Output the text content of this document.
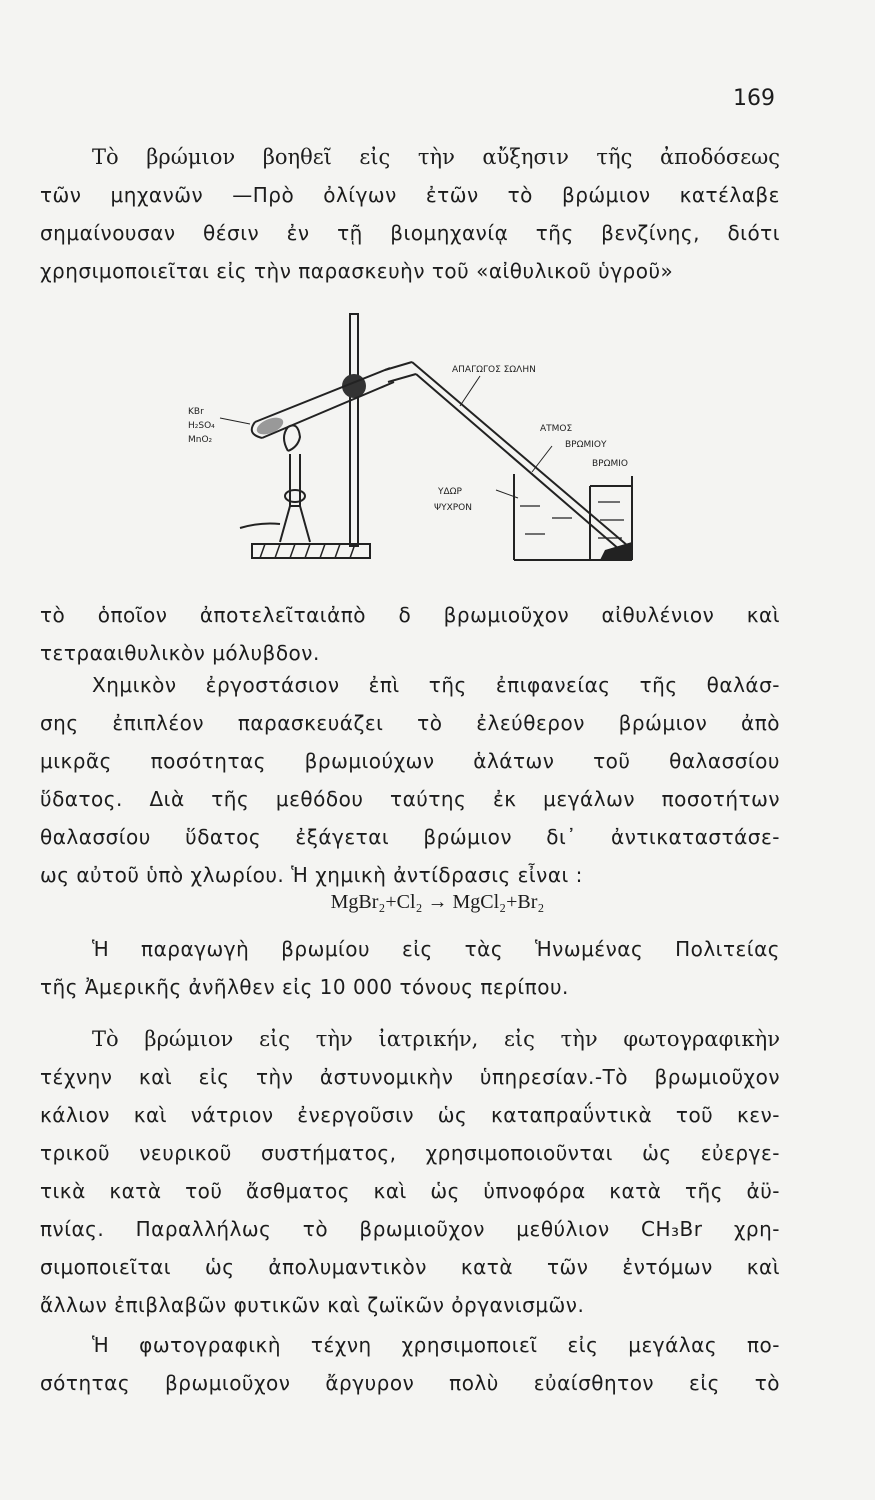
169
Τὸ βρώμιον βοηθεῖ εἰς τὴν αὔξησιν τῆς ἀποδόσεως
τῶν μηχανῶν —Πρὸ ὀλίγων ἐτῶν τὸ βρώμιον κατέλαβε
σημαίνουσαν θέσιν ἐν τῇ βιομηχανίᾳ τῆς βενζίνης, διότι
χρησιμοποιεῖται εἰς τὴν παρασκευὴν τοῦ «αἰθυλικοῦ ὑγροῦ»
KBr
H₂SO₄
MnO₂
ΑΠΑΓΩΓΟΣ ΣΩΛΗΝ
ΑΤΜΟΣ
ΒΡΩΜΙΟΥ
ΒΡΩΜΙΟ
ΥΔΩΡ
ΨΥΧΡΟΝ
τὸ ὁποῖον ἀποτελεῖταιἀπὸ δ βρωμιοῦχον αἰθυλένιον καὶ
τετρααιθυλικὸν μόλυβδον.
Χημικὸν ἐργοστάσιον ἐπὶ τῆς ἐπιφανείας τῆς θαλάσ-
σης ἐπιπλέον παρασκευάζει τὸ ἐλεύθερον βρώμιον ἀπὸ
μικρᾶς ποσότητας βρωμιούχων ἁλάτων τοῦ θαλασσίου
ὕδατος. Διὰ τῆς μεθόδου ταύτης ἐκ μεγάλων ποσοτήτων
θαλασσίου ὕδατος ἐξάγεται βρώμιον δι᾽ ἀντικαταστάσε-
ως αὐτοῦ ὑπὸ χλωρίου. Ἡ χημικὴ ἀντίδρασις εἶναι :
MgBr₂+Cl₂ → MgCl₂+Br₂
Ἡ παραγωγὴ βρωμίου εἰς τὰς Ἡνωμένας Πολιτείας
τῆς Ἀμερικῆς ἀνῆλθεν εἰς 10 000 τόνους περίπου.
Τὸ βρώμιον εἰς τὴν ἰατρικήν, εἰς τὴν φωτογραφικὴν
τέχνην καὶ εἰς τὴν ἀστυνομικὴν ὑπηρεσίαν.-Τὸ βρωμιοῦχον
κάλιον καὶ νάτριον ἐνεργοῦσιν ὡς καταπραΰντικὰ τοῦ κεν-
τρικοῦ νευρικοῦ συστήματος, χρησιμοποιοῦνται ὡς εὐεργε-
τικὰ κατὰ τοῦ ἄσθματος καὶ ὡς ὑπνοφόρα κατὰ τῆς ἀϋ-
πνίας. Παραλλήλως τὸ βρωμιοῦχον μεθύλιον CH₃Br χρη-
σιμοποιεῖται ὡς ἀπολυμαντικὸν κατὰ τῶν ἐντόμων καὶ
ἄλλων ἐπιβλαβῶν φυτικῶν καὶ ζωϊκῶν ὀργανισμῶν.
Ἡ φωτογραφικὴ τέχνη χρησιμοποιεῖ εἰς μεγάλας πο-
σότητας βρωμιοῦχον ἄργυρον πολὺ εὐαίσθητον εἰς τὸ
